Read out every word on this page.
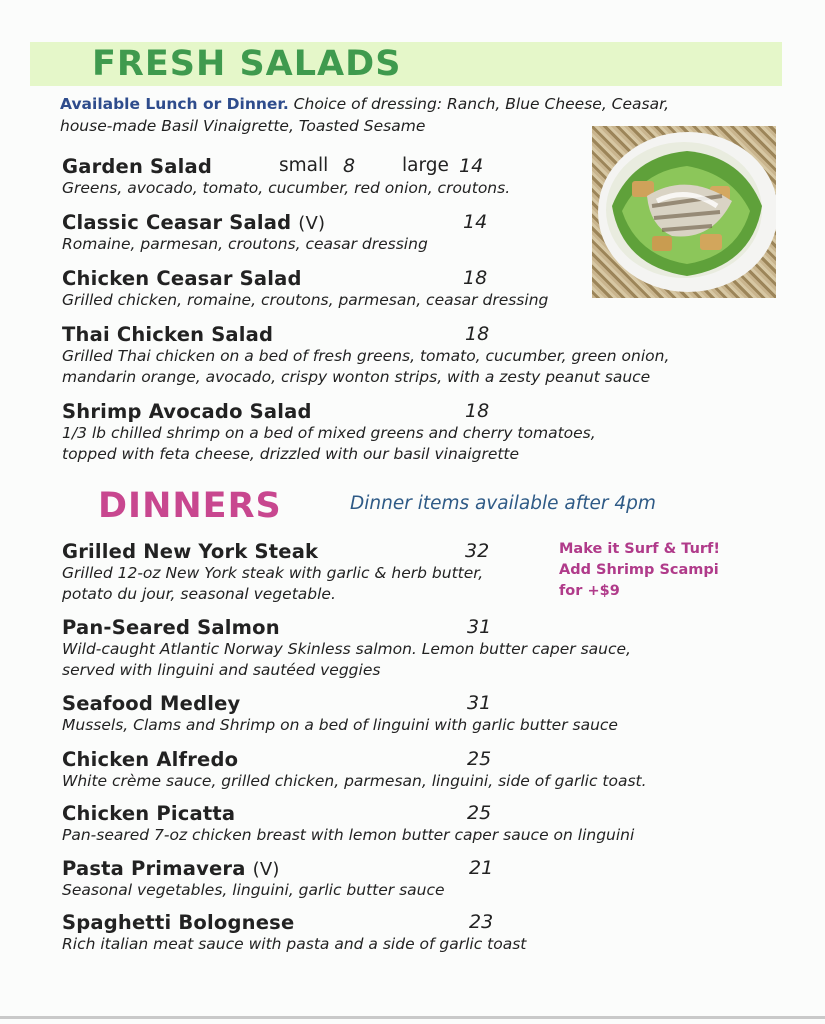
FRESH SALADS
Available Lunch or Dinner. Choice of dressing: Ranch, Blue Cheese, Ceasar,
house-made Basil Vinaigrette, Toasted Sesame
Garden Salad	small 8	large 14
Greens, avocado, tomato, cucumber, red onion, croutons.
Classic Ceasar Salad (V)	14
Romaine, parmesan, croutons, ceasar dressing
Chicken Ceasar Salad	18
Grilled chicken, romaine, croutons, parmesan, ceasar dressing
Thai Chicken Salad	18
Grilled Thai chicken on a bed of fresh greens, tomato, cucumber, green onion,
mandarin orange, avocado, crispy wonton strips, with a zesty peanut sauce
Shrimp Avocado Salad	18
1/3 lb chilled shrimp on a bed of mixed greens and cherry tomatoes,
topped with feta cheese, drizzled with our basil vinaigrette
DINNERS	Dinner items available after 4pm
Make it Surf & Turf!
Add Shrimp Scampi
for +$9
Grilled New York Steak	32
Grilled 12-oz New York steak with garlic & herb butter,
potato du jour, seasonal vegetable.
Pan-Seared Salmon	31
Wild-caught Atlantic Norway Skinless salmon. Lemon butter caper sauce,
served with linguini and sautéed veggies
Seafood Medley	31
Mussels, Clams and Shrimp on a bed of linguini with garlic butter sauce
Chicken Alfredo	25
White crème sauce, grilled chicken, parmesan, linguini, side of garlic toast.
Chicken Picatta	25
Pan-seared 7-oz chicken breast with lemon butter caper sauce on linguini
Pasta Primavera (V)	21
Seasonal vegetables, linguini, garlic butter sauce
Spaghetti Bolognese	23
Rich italian meat sauce with pasta and a side of garlic toast
